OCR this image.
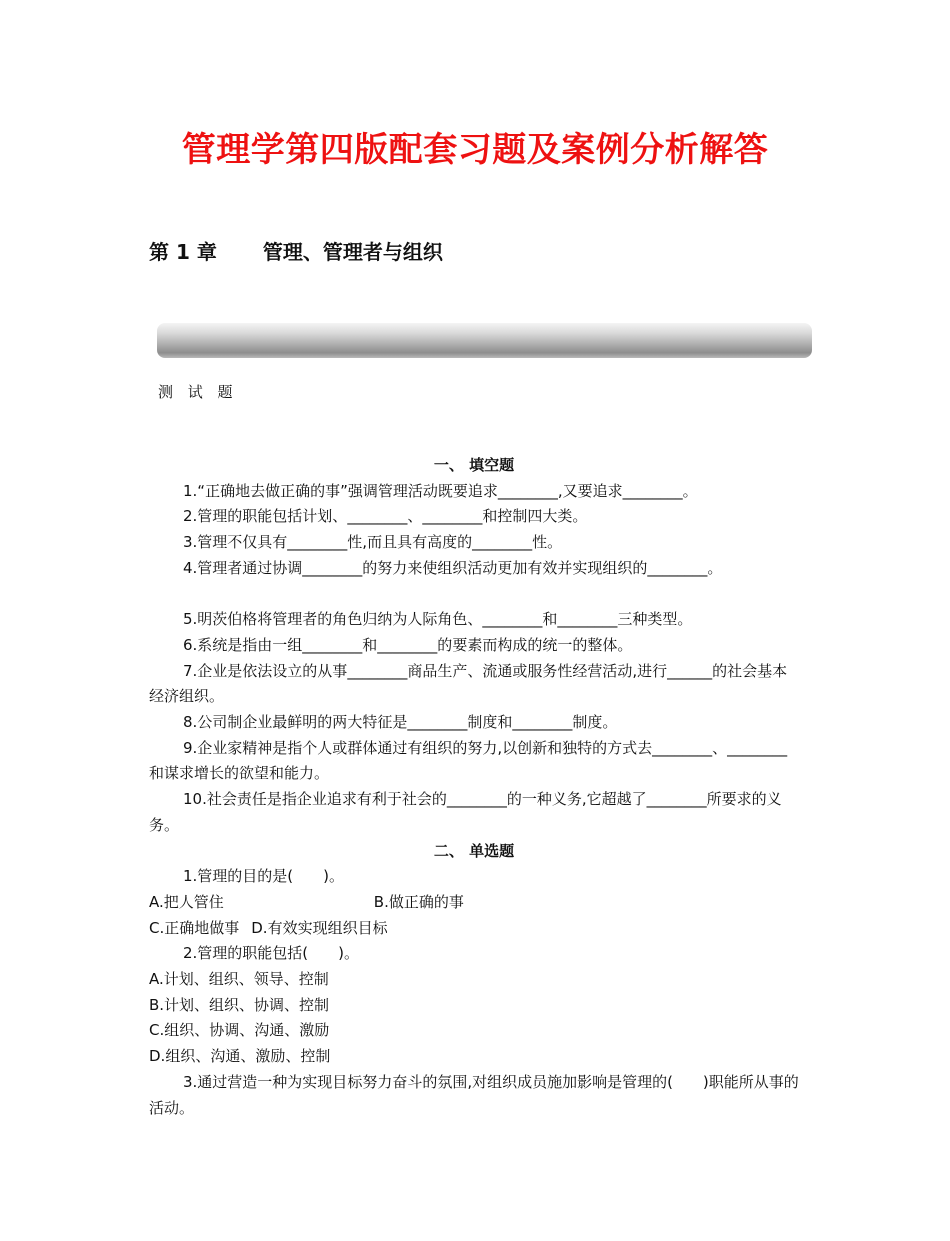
管理学第四版配套习题及案例分析解答
第 1 章 管理、管理者与组织
测 试 题

一、 填空题

1.“正确地去做正确的事”强调管理活动既要追求________,又要追求________。

2.管理的职能包括计划、________、________和控制四大类。

3.管理不仅具有________性,而且具有高度的________性。

4.管理者通过协调________的努力来使组织活动更加有效并实现组织的________。

5.明茨伯格将管理者的角色归纳为人际角色、________和________三种类型。

6.系统是指由一组________和________的要素而构成的统一的整体。

7.企业是依法设立的从事________商品生产、流通或服务性经营活动,进行______的社会基本经济组织。

8.公司制企业最鲜明的两大特征是________制度和________制度。

9.企业家精神是指个人或群体通过有组织的努力,以创新和独特的方式去________、________和谋求增长的欲望和能力。

10.社会责任是指企业追求有利于社会的________的一种义务,它超越了________所要求的义务。

二、 单选题

1.管理的目的是(　　)。

A.把人管住	B.做正确的事

C.正确地做事 D.有效实现组织目标

2.管理的职能包括(　　)。

A.计划、组织、领导、控制

B.计划、组织、协调、控制

C.组织、协调、沟通、激励

D.组织、沟通、激励、控制

3.通过营造一种为实现目标努力奋斗的氛围,对组织成员施加影响是管理的(　　)职能所从事的活动。
